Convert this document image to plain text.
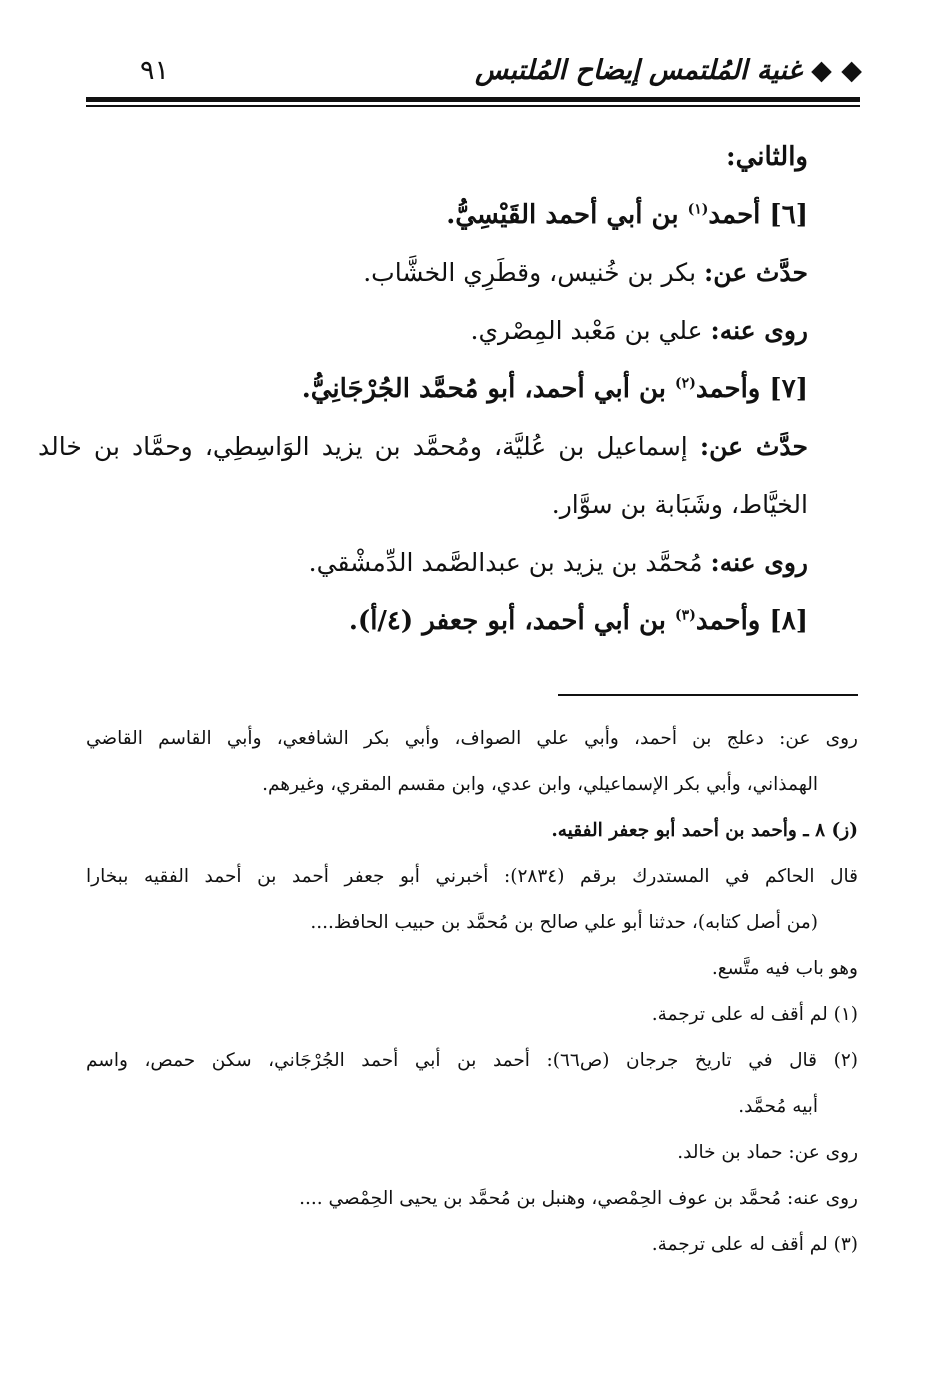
◆ ◆ غنية المُلتمس إيضاح المُلتبس
٩١
والثاني:
[٦] أحمد$^{(١)}$ بن أبي أحمد القَيْسِيُّ.
حدَّث عن: بكر بن خُنيس، وقطَرِي الخشَّاب.
روى عنه: علي بن مَعْبد المِصْري.
[٧] وأحمد$^{(٢)}$ بن أبي أحمد، أبو مُحمَّد الجُرْجَانِيُّ.
حدَّث عن: إسماعيل بن عُليَّة، ومُحمَّد بن يزيد الوَاسِطِي، وحمَّاد بن خالد الخيَّاط، وشَبَابة بن سوَّار.
روى عنه: مُحمَّد بن يزيد بن عبدالصَّمد الدِّمشْقي.
[٨] وأحمد$^{(٣)}$ بن أبي أحمد، أبو جعفر (٤/أ).
روى عن: دعلج بن أحمد، وأبي علي الصواف، وأبي بكر الشافعي، وأبي القاسم القاضي
الهمذاني، وأبي بكر الإسماعيلي، وابن عدي، وابن مقسم المقري، وغيرهم.
(ز) ٨ ـ وأحمد بن أحمد أبو جعفر الفقيه.
قال الحاكم في المستدرك برقم (٢٨٣٤): أخبرني أبو جعفر أحمد بن أحمد الفقيه ببخارا
(من أصل كتابه)، حدثنا أبو علي صالح بن مُحمَّد بن حبيب الحافظ....
وهو باب فيه متَّسع.
(١) لم أقف له على ترجمة.
(٢) قال في تاريخ جرجان (ص٦٦): أحمد بن أبي أحمد الجُرْجَاني، سكن حمص، واسم
أبيه مُحمَّد.
روى عن: حماد بن خالد.
روى عنه: مُحمَّد بن عوف الحِمْصي، وهنبل بن مُحمَّد بن يحيى الحِمْصي ....
(٣) لم أقف له على ترجمة.
